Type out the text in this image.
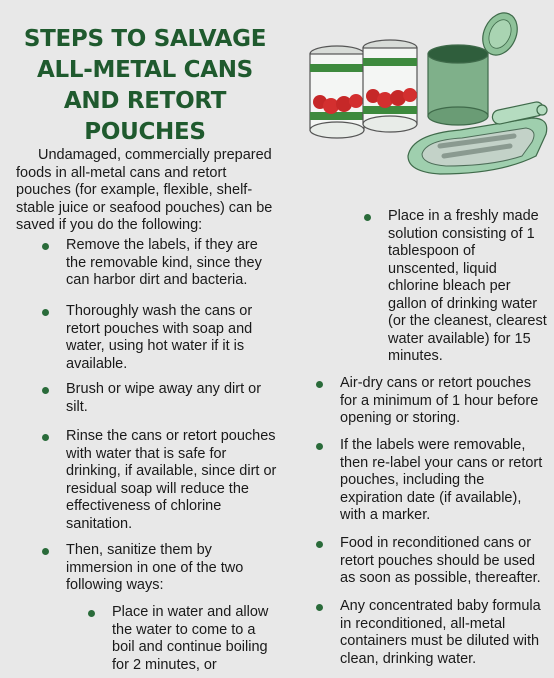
STEPS TO SALVAGE
ALL-METAL CANS
AND RETORT
POUCHES
Undamaged, commercially prepared foods in all-metal cans and retort pouches (for example, flexible, shelf-stable juice or seafood pouches) can be saved if you do the following:
Remove the labels, if they are the removable kind, since they can harbor dirt and bacteria.
Thoroughly wash the cans or retort pouches with soap and water, using hot water if it is available.
Brush or wipe away any dirt or silt.
Rinse the cans or retort pouches with water that is safe for drinking, if available, since dirt or residual soap will reduce the effectiveness of chlorine sanitation.
Then, sanitize them by immersion in one of the two following ways:
Place in water and allow the water to come to a boil and continue boiling for 2 minutes, or
Place in a freshly made solution consisting of 1 tablespoon of unscented, liquid chlorine bleach per gallon of drinking water (or the cleanest, clearest water available) for 15 minutes.
Air-dry cans or retort pouches for a minimum of 1 hour before opening or storing.
If the labels were removable, then re-label your cans or retort pouches, including the expiration date (if available), with a marker.
Food in reconditioned cans or retort pouches should be used as soon as possible, thereafter.
Any concentrated baby formula in reconditioned, all-metal containers must be diluted with clean, drinking water.
